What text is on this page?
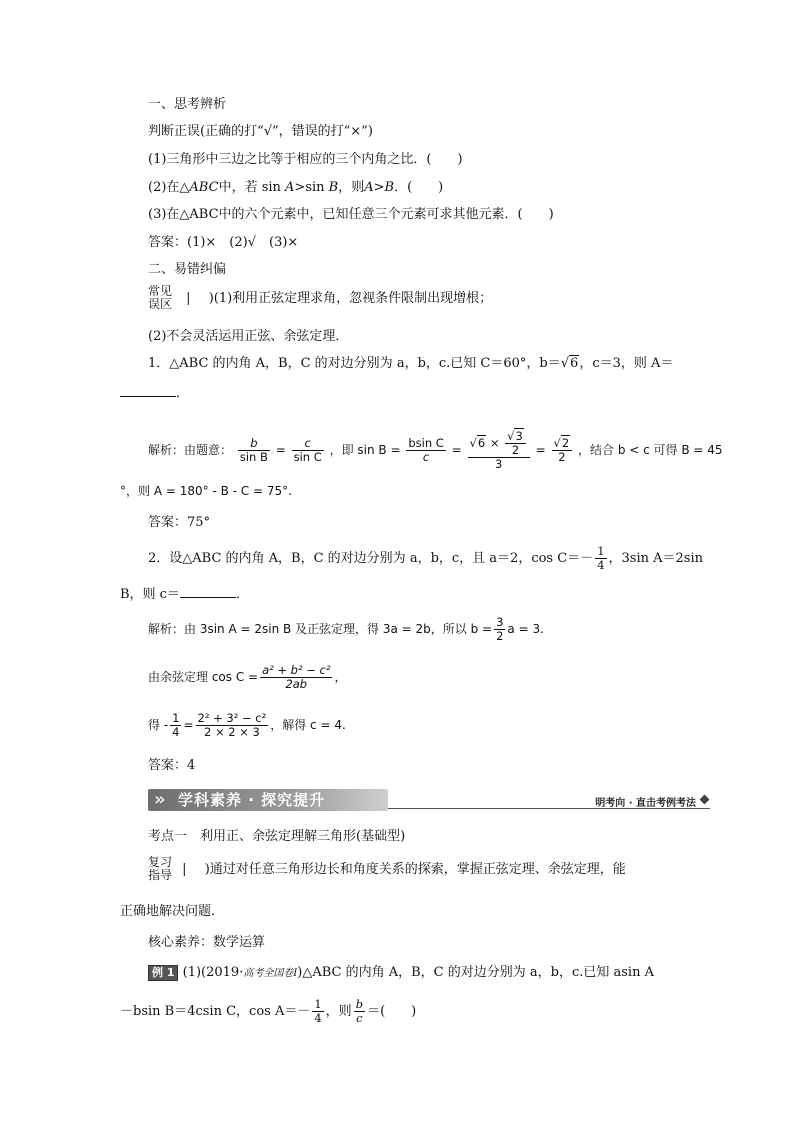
一、思考辨析
判断正误(正确的打“√”，错误的打“×”)
(1)三角形中三边之比等于相应的三个内角之比．(　　)
(2)在△ABC中，若 sin A>sin B，则A>B．(　　)
(3)在△ABC中的六个元素中，已知任意三个元素可求其他元素．(　　)
答案：(1)×　(2)√　(3)×
二、易错纠偏
常见
误区 | )(1)利用正弦定理求角，忽视条件限制出现增根；
(2)不会灵活运用正弦、余弦定理．
1．△ABC 的内角 A，B，C 的对边分别为 a，b，c.已知 C＝60°，b＝√6，c＝3，则 A＝
．
解析：由题意： $\frac{b}{\text{sin B}} = \frac{c}{\text{sin C}}$ ，即 $\sin B = \frac{\text{bsin C}}{c} = \frac{√6 \times \frac{√3}{2}}{3} = \frac{√2}{2}$ ，结合 b < c 可得 B = 45
°，则 A = 180° - B - C = 75°.
答案：75°
2．设△ABC 的内角 A，B，C 的对边分别为 a，b，c，且 a＝2，$\cos C=- \frac{1}{4}$ ，3sin A＝2sin
B，则 c＝	．
解析：由 3sin A = 2sin B 及正弦定理，得 3a = 2b，所以 $b = \frac{3}{2}$ a = 3.
由余弦定理 $\cos C = \frac{\text{a² + b² − c²}}{2ab}$ ，
得 - $\frac{1}{4} = \frac{\text{2² + 3² − c²}}{2 \times 2 \times 3}$ ，解得 c = 4.
答案：4
» 学科素养 · 探究提升	明考向 · 直击考例考法
考点一　利用正、余弦定理解三角形(基础型)
复习
指导 | )通过对任意三角形边长和角度关系的探索，掌握正弦定理、余弦定理，能
正确地解决问题．
核心素养：数学运算
例 1 (1)(2019·高考全国卷Ⅰ)△ABC 的内角 A，B，C 的对边分别为 a，b，c.已知 asin A
－bsin B＝4csin C，$\cos A=- \frac{1}{4}$ ，则 $\frac{b}{c}$ ＝(　　)
